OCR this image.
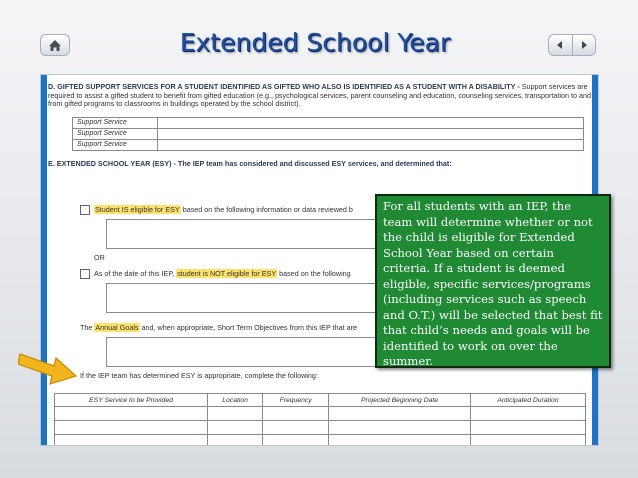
Extended School Year
D. GIFTED SUPPORT SERVICES FOR A STUDENT IDENTIFIED AS GIFTED WHO ALSO IS IDENTIFIED AS A STUDENT WITH A DISABILITY - Support services are required to assist a gifted student to benefit from gifted education (e.g., psychological services, parent counseling and education, counseling services, transportation to and from gifted programs to classrooms in buildings operated by the school district).
Support Service	
Support Service	
Support Service	
E. EXTENDED SCHOOL YEAR (ESY) - The IEP team has considered and discussed ESY services, and determined that:
Student IS eligible for ESY based on the following information or data reviewed b
OR
As of the date of this IEP, student is NOT eligible for ESY based on the following
The Annual Goals and, when appropriate, Short Term Objectives from this IEP that are
If the IEP team has determined ESY is appropriate, complete the following:
ESY Service to be Provided	Location	Frequency	Projected Beginning Date	Anticipated Duration

For all students with an IEP, the team will determine whether or not the child is eligible for Extended School Year based on certain criteria. If a student is deemed eligible, specific services/programs (including services such as speech and O.T.) will be selected that best fit that child’s needs and goals will be identified to work on over the summer.
